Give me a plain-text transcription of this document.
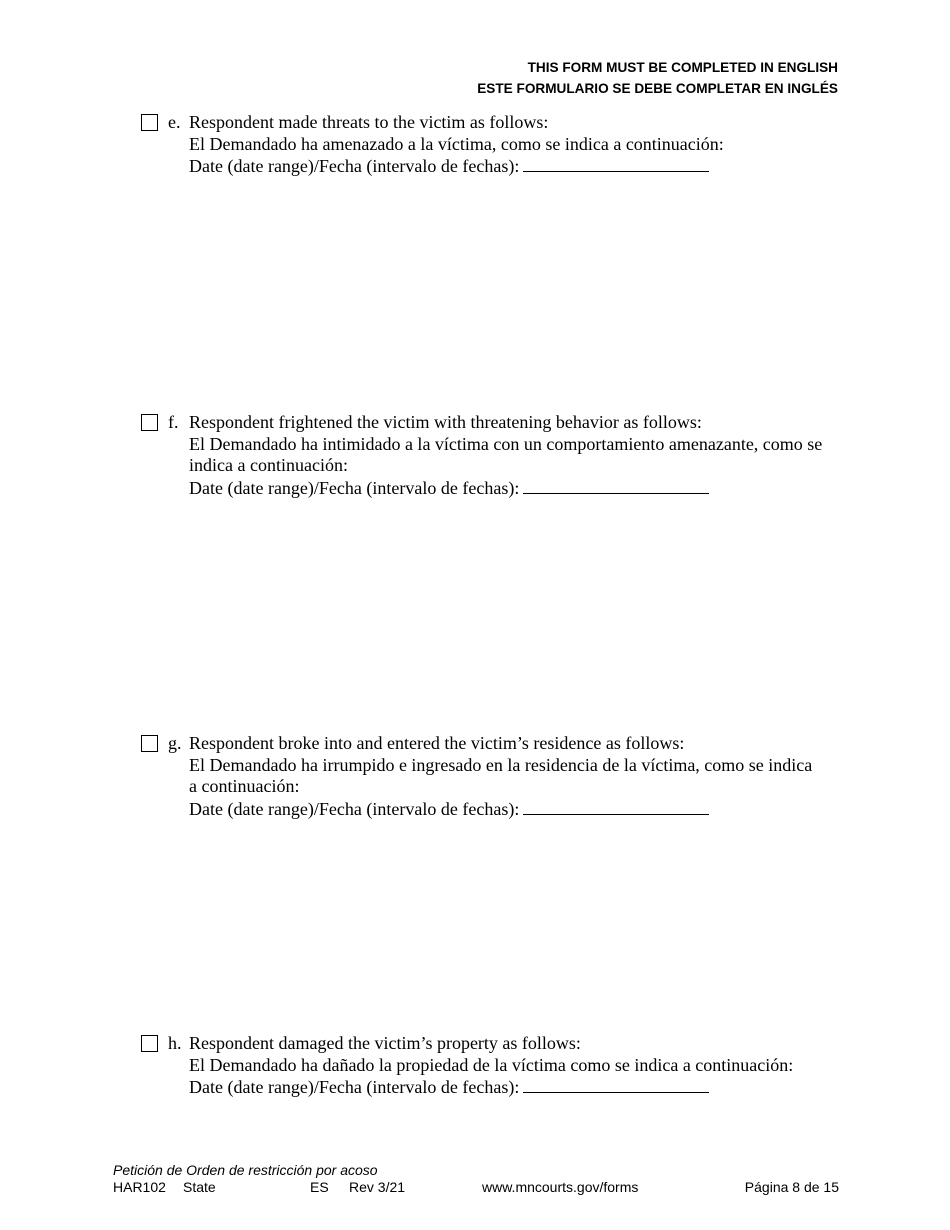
THIS FORM MUST BE COMPLETED IN ENGLISH
ESTE FORMULARIO SE DEBE COMPLETAR EN INGLÉS
e. Respondent made threats to the victim as follows:
El Demandado ha amenazado a la víctima, como se indica a continuación:
Date (date range)/Fecha (intervalo de fechas):
f. Respondent frightened the victim with threatening behavior as follows:
El Demandado ha intimidado a la víctima con un comportamiento amenazante, como se
indica a continuación:
Date (date range)/Fecha (intervalo de fechas):
g. Respondent broke into and entered the victim’s residence as follows:
El Demandado ha irrumpido e ingresado en la residencia de la víctima, como se indica
a continuación:
Date (date range)/Fecha (intervalo de fechas):
h. Respondent damaged the victim’s property as follows:
El Demandado ha dañado la propiedad de la víctima como se indica a continuación:
Date (date range)/Fecha (intervalo de fechas):
Petición de Orden de restricción por acoso
HAR102 State	ES Rev 3/21	www.mncourts.gov/forms	Página 8 de 15
